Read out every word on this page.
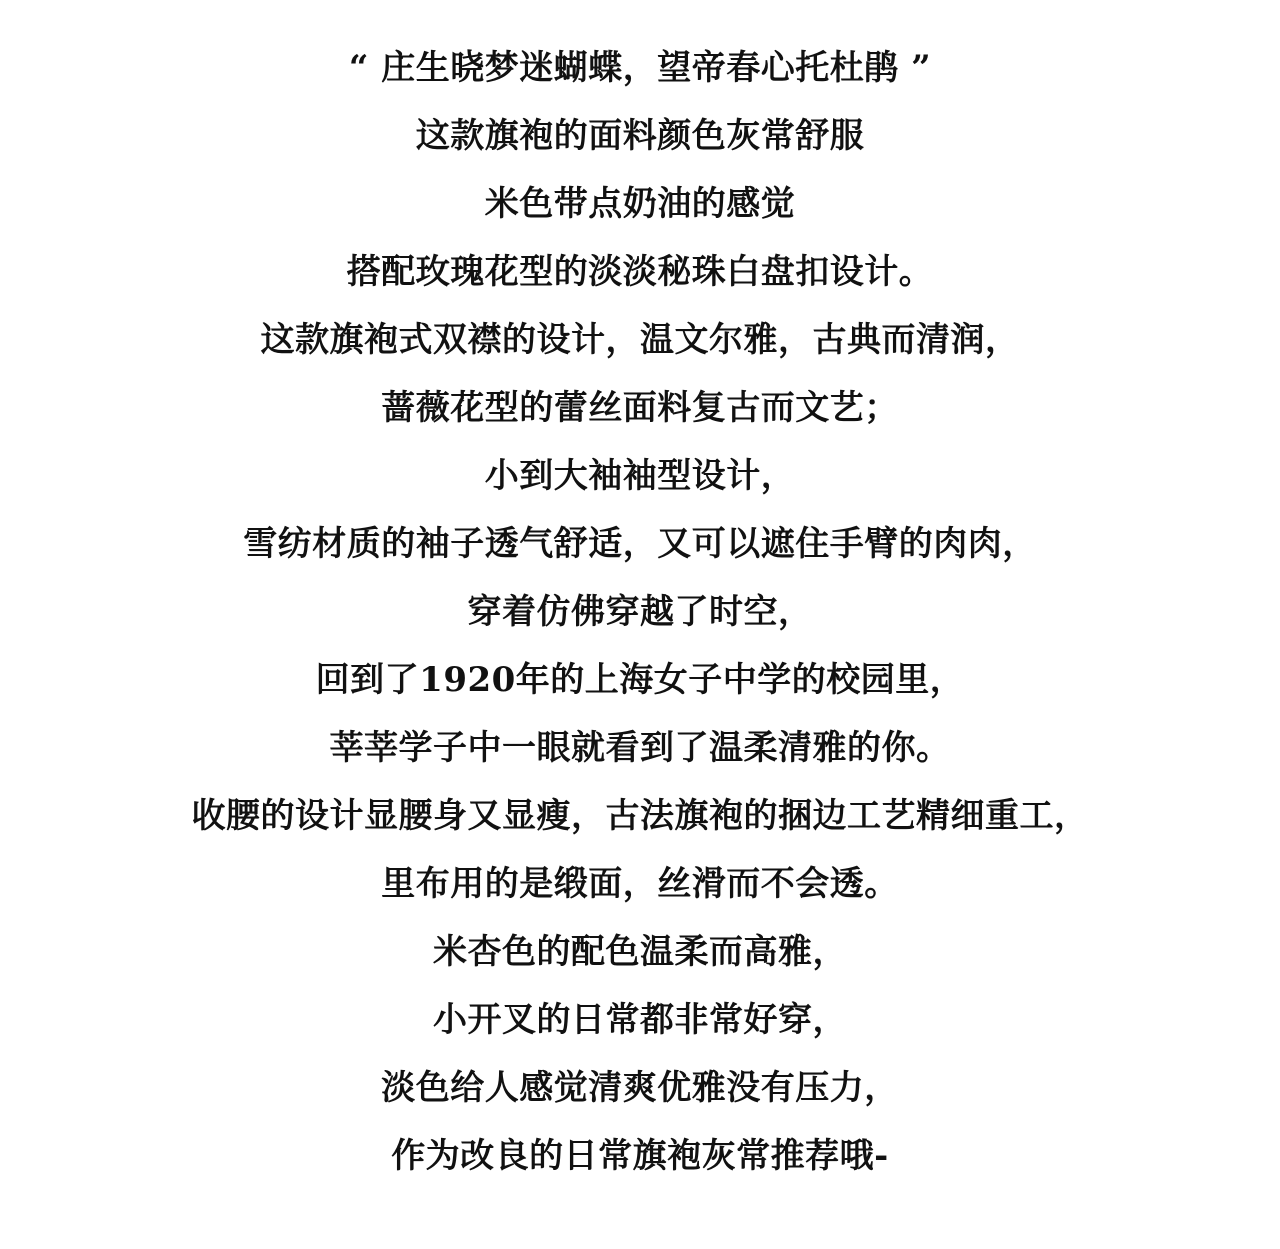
“ 庄生晓梦迷蝴蝶，望帝春心托杜鹃 ”
这款旗袍的面料颜色灰常舒服
米色带点奶油的感觉
搭配玫瑰花型的淡淡秘珠白盘扣设计。
这款旗袍式双襟的设计，温文尔雅，古典而清润，
蔷薇花型的蕾丝面料复古而文艺；
小到大袖袖型设计，
雪纺材质的袖子透气舒适，又可以遮住手臂的肉肉，
穿着仿佛穿越了时空，
回到了1920年的上海女子中学的校园里，
莘莘学子中一眼就看到了温柔清雅的你。
收腰的设计显腰身又显瘦，古法旗袍的捆边工艺精细重工，
里布用的是缎面，丝滑而不会透。
米杏色的配色温柔而高雅，
小开叉的日常都非常好穿，
淡色给人感觉清爽优雅没有压力，
作为改良的日常旗袍灰常推荐哦-
